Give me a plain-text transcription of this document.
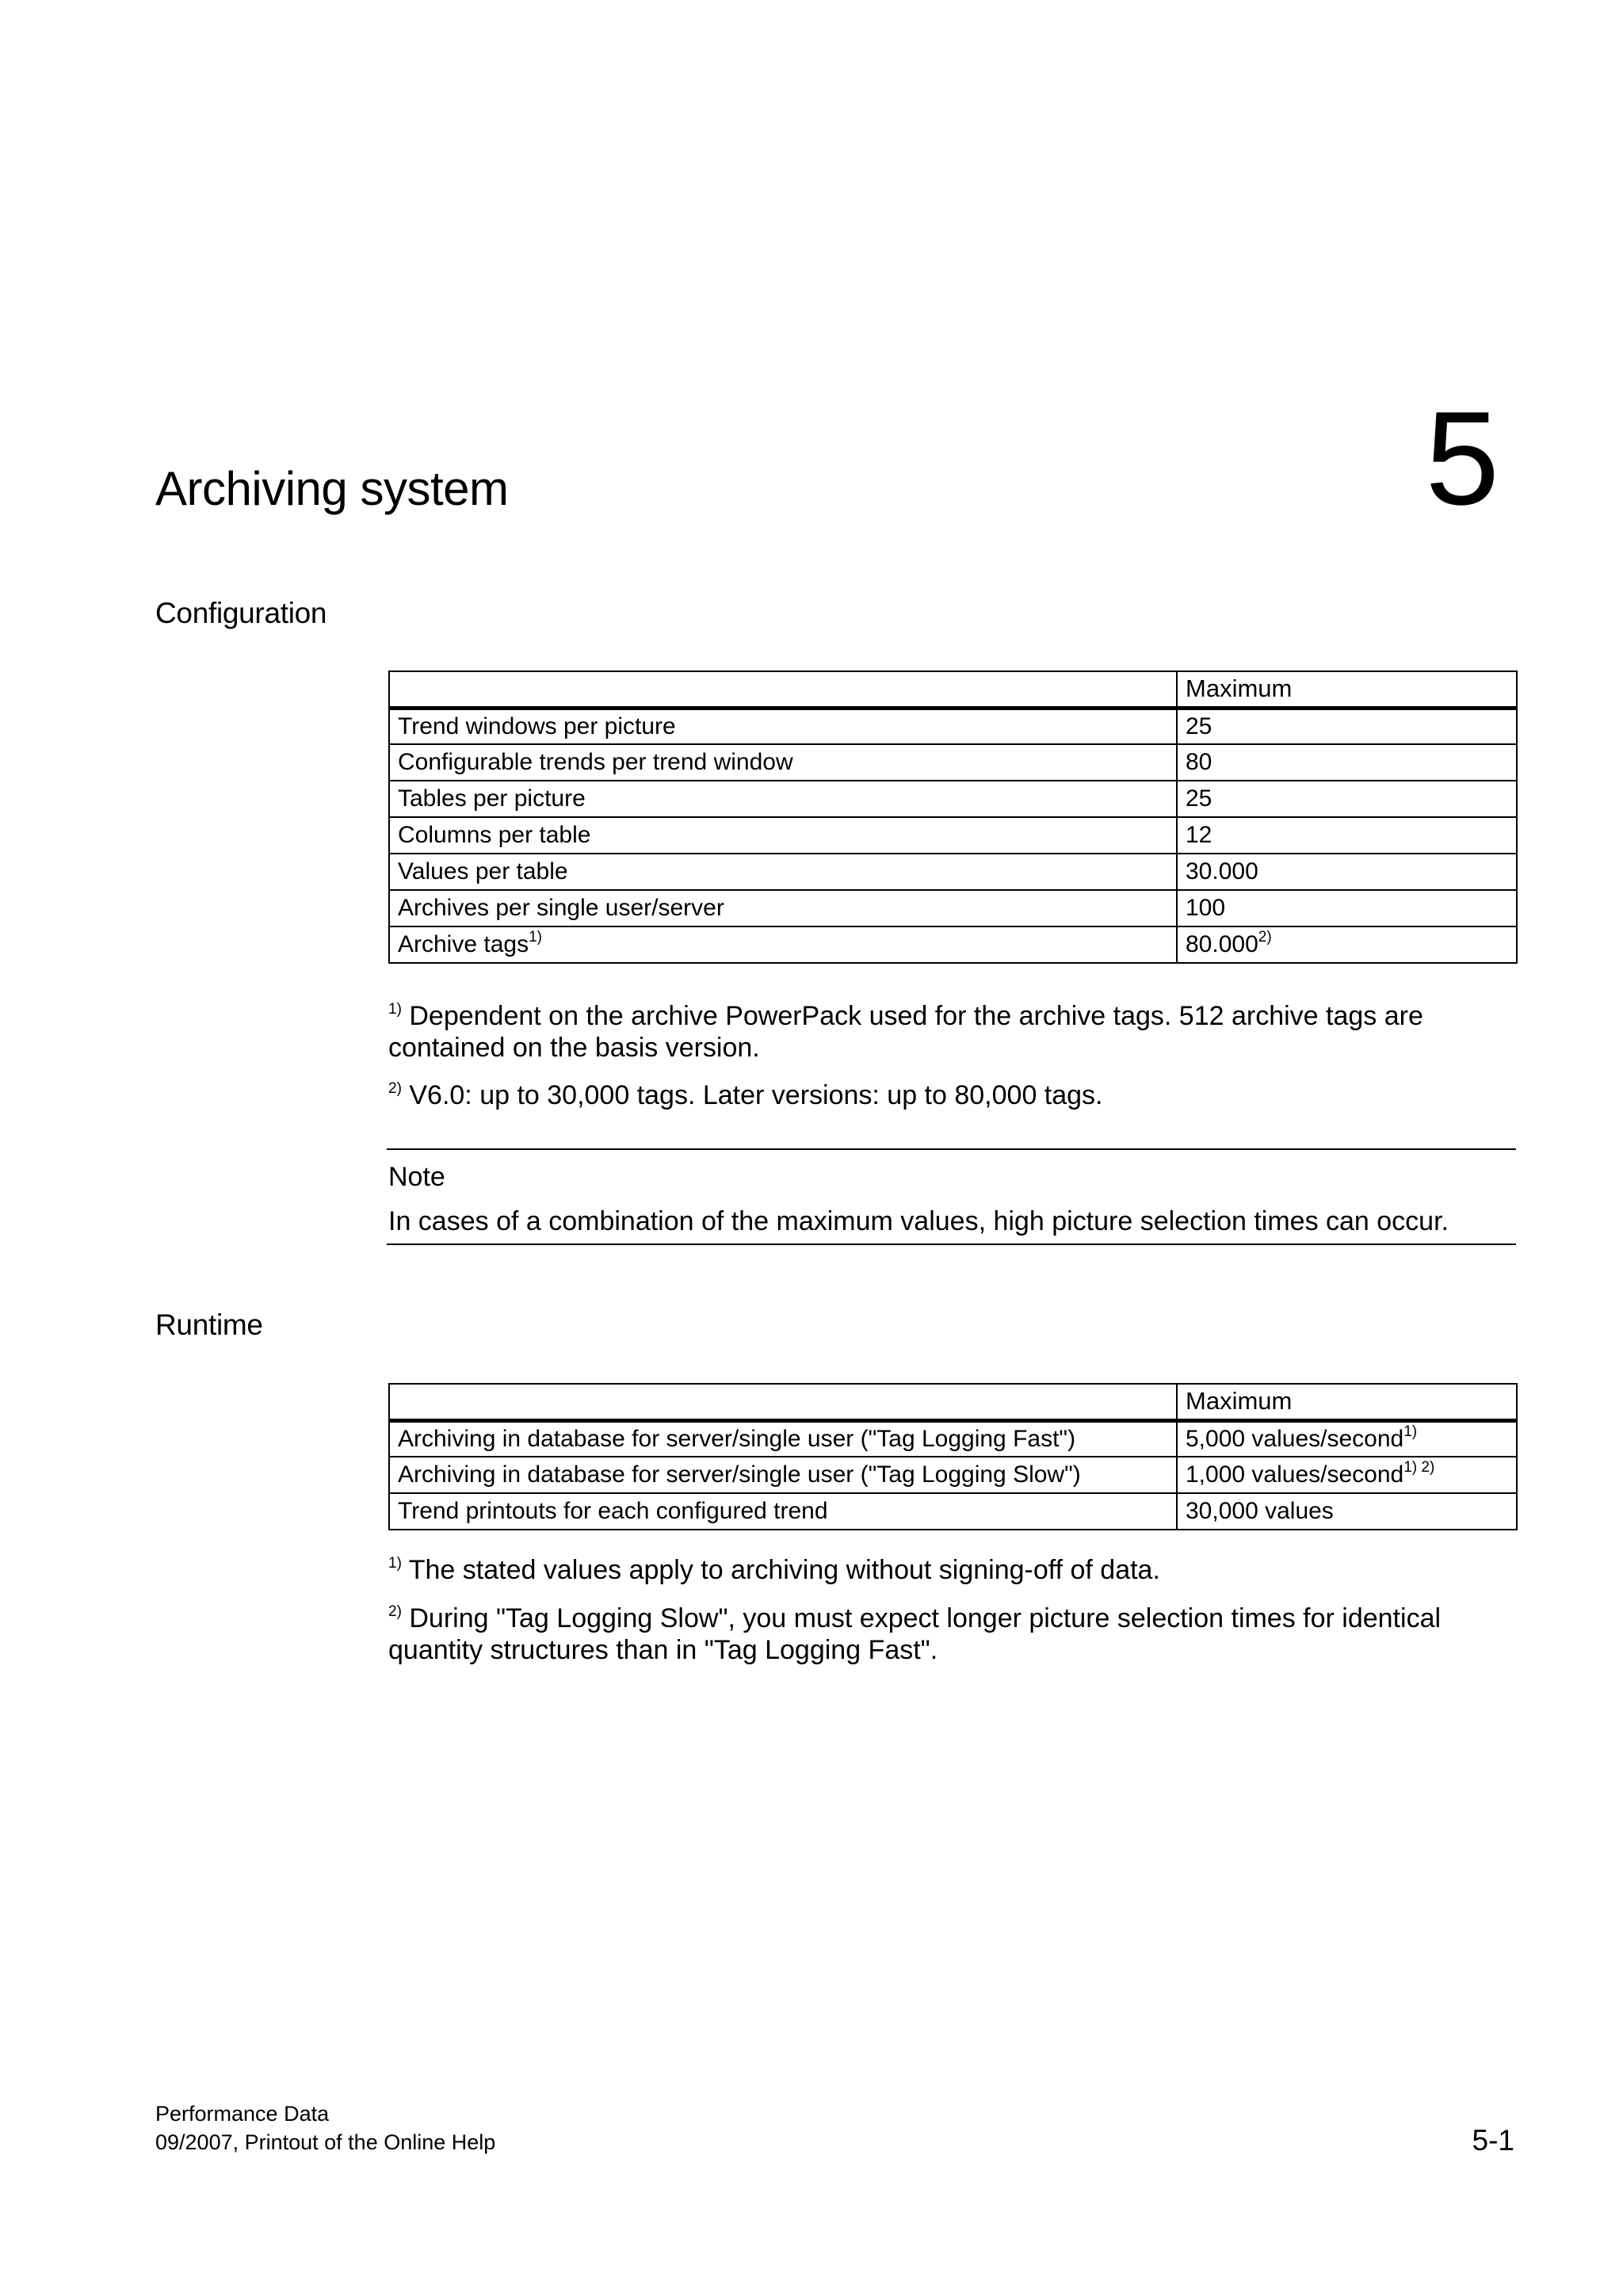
Archiving system	5
Configuration
	Maximum
Trend windows per picture	25
Configurable trends per trend window	80
Tables per picture	25
Columns per table	12
Values per table	30.000
Archives per single user/server	100
Archive tags$^{1)}$	80.000$^{2)}$

$^{1)}$ Dependent on the archive PowerPack used for the archive tags. 512 archive tags are contained on the basis version.

$^{2)}$ V6.0: up to 30,000 tags. Later versions: up to 80,000 tags.

Note

In cases of a combination of the maximum values, high picture selection times can occur.

Runtime
	Maximum
Archiving in database for server/single user ("Tag Logging Fast")	5,000 values/second$^{1)}$
Archiving in database for server/single user ("Tag Logging Slow")	1,000 values/second$^{1) 2)}$
Trend printouts for each configured trend	30,000 values

$^{1)}$ The stated values apply to archiving without signing-off of data.

$^{2)}$ During "Tag Logging Slow", you must expect longer picture selection times for identical quantity structures than in "Tag Logging Fast".

Performance Data

09/2007, Printout of the Online Help	5-1
